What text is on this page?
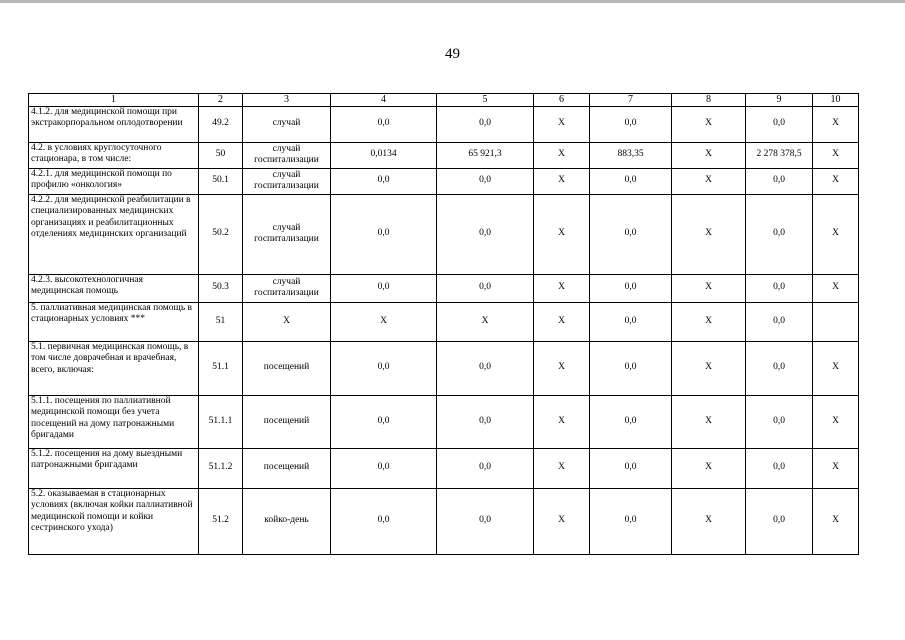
49
1	2	3	4	5	6	7	8	9	10
4.1.2. для медицинской помощи при экстракорпоральном оплодотворении	49.2	случай	0,0	0,0	X	0,0	X	0,0	X
4.2. в условиях круглосуточного стационара, в том числе:	50	случай госпитализации	0,0134	65 921,3	X	883,35	X	2 278 378,5	X
4.2.1. для медицинской помощи по профилю «онкология»	50.1	случай госпитализации	0,0	0,0	X	0,0	X	0,0	X
4.2.2. для медицинской реабилитации в специализированных медицинских организациях и реабилитационных отделениях медицинских организаций	50.2	случай госпитализации	0,0	0,0	X	0,0	X	0,0	X
4.2.3. высокотехнологичная медицинская помощь	50.3	случай госпитализации	0,0	0,0	X	0,0	X	0,0	X
5. паллиативная медицинская помощь в стационарных условиях ***	51	X	X	X	X	0,0	X	0,0	
5.1. первичная медицинская помощь, в том числе доврачебная и врачебная, всего, включая:	51.1	посещений	0,0	0,0	X	0,0	X	0,0	X
5.1.1. посещения по паллиативной медицинской помощи без учета посещений на дому патронажными бригадами	51.1.1	посещений	0,0	0,0	X	0,0	X	0,0	X
5.1.2. посещения на дому выездными патронажными бригадами	51.1.2	посещений	0,0	0,0	X	0,0	X	0,0	X
5.2. оказываемая в стационарных условиях (включая койки паллиативной медицинской помощи и койки сестринского ухода)	51.2	койко-день	0,0	0,0	X	0,0	X	0,0	X
